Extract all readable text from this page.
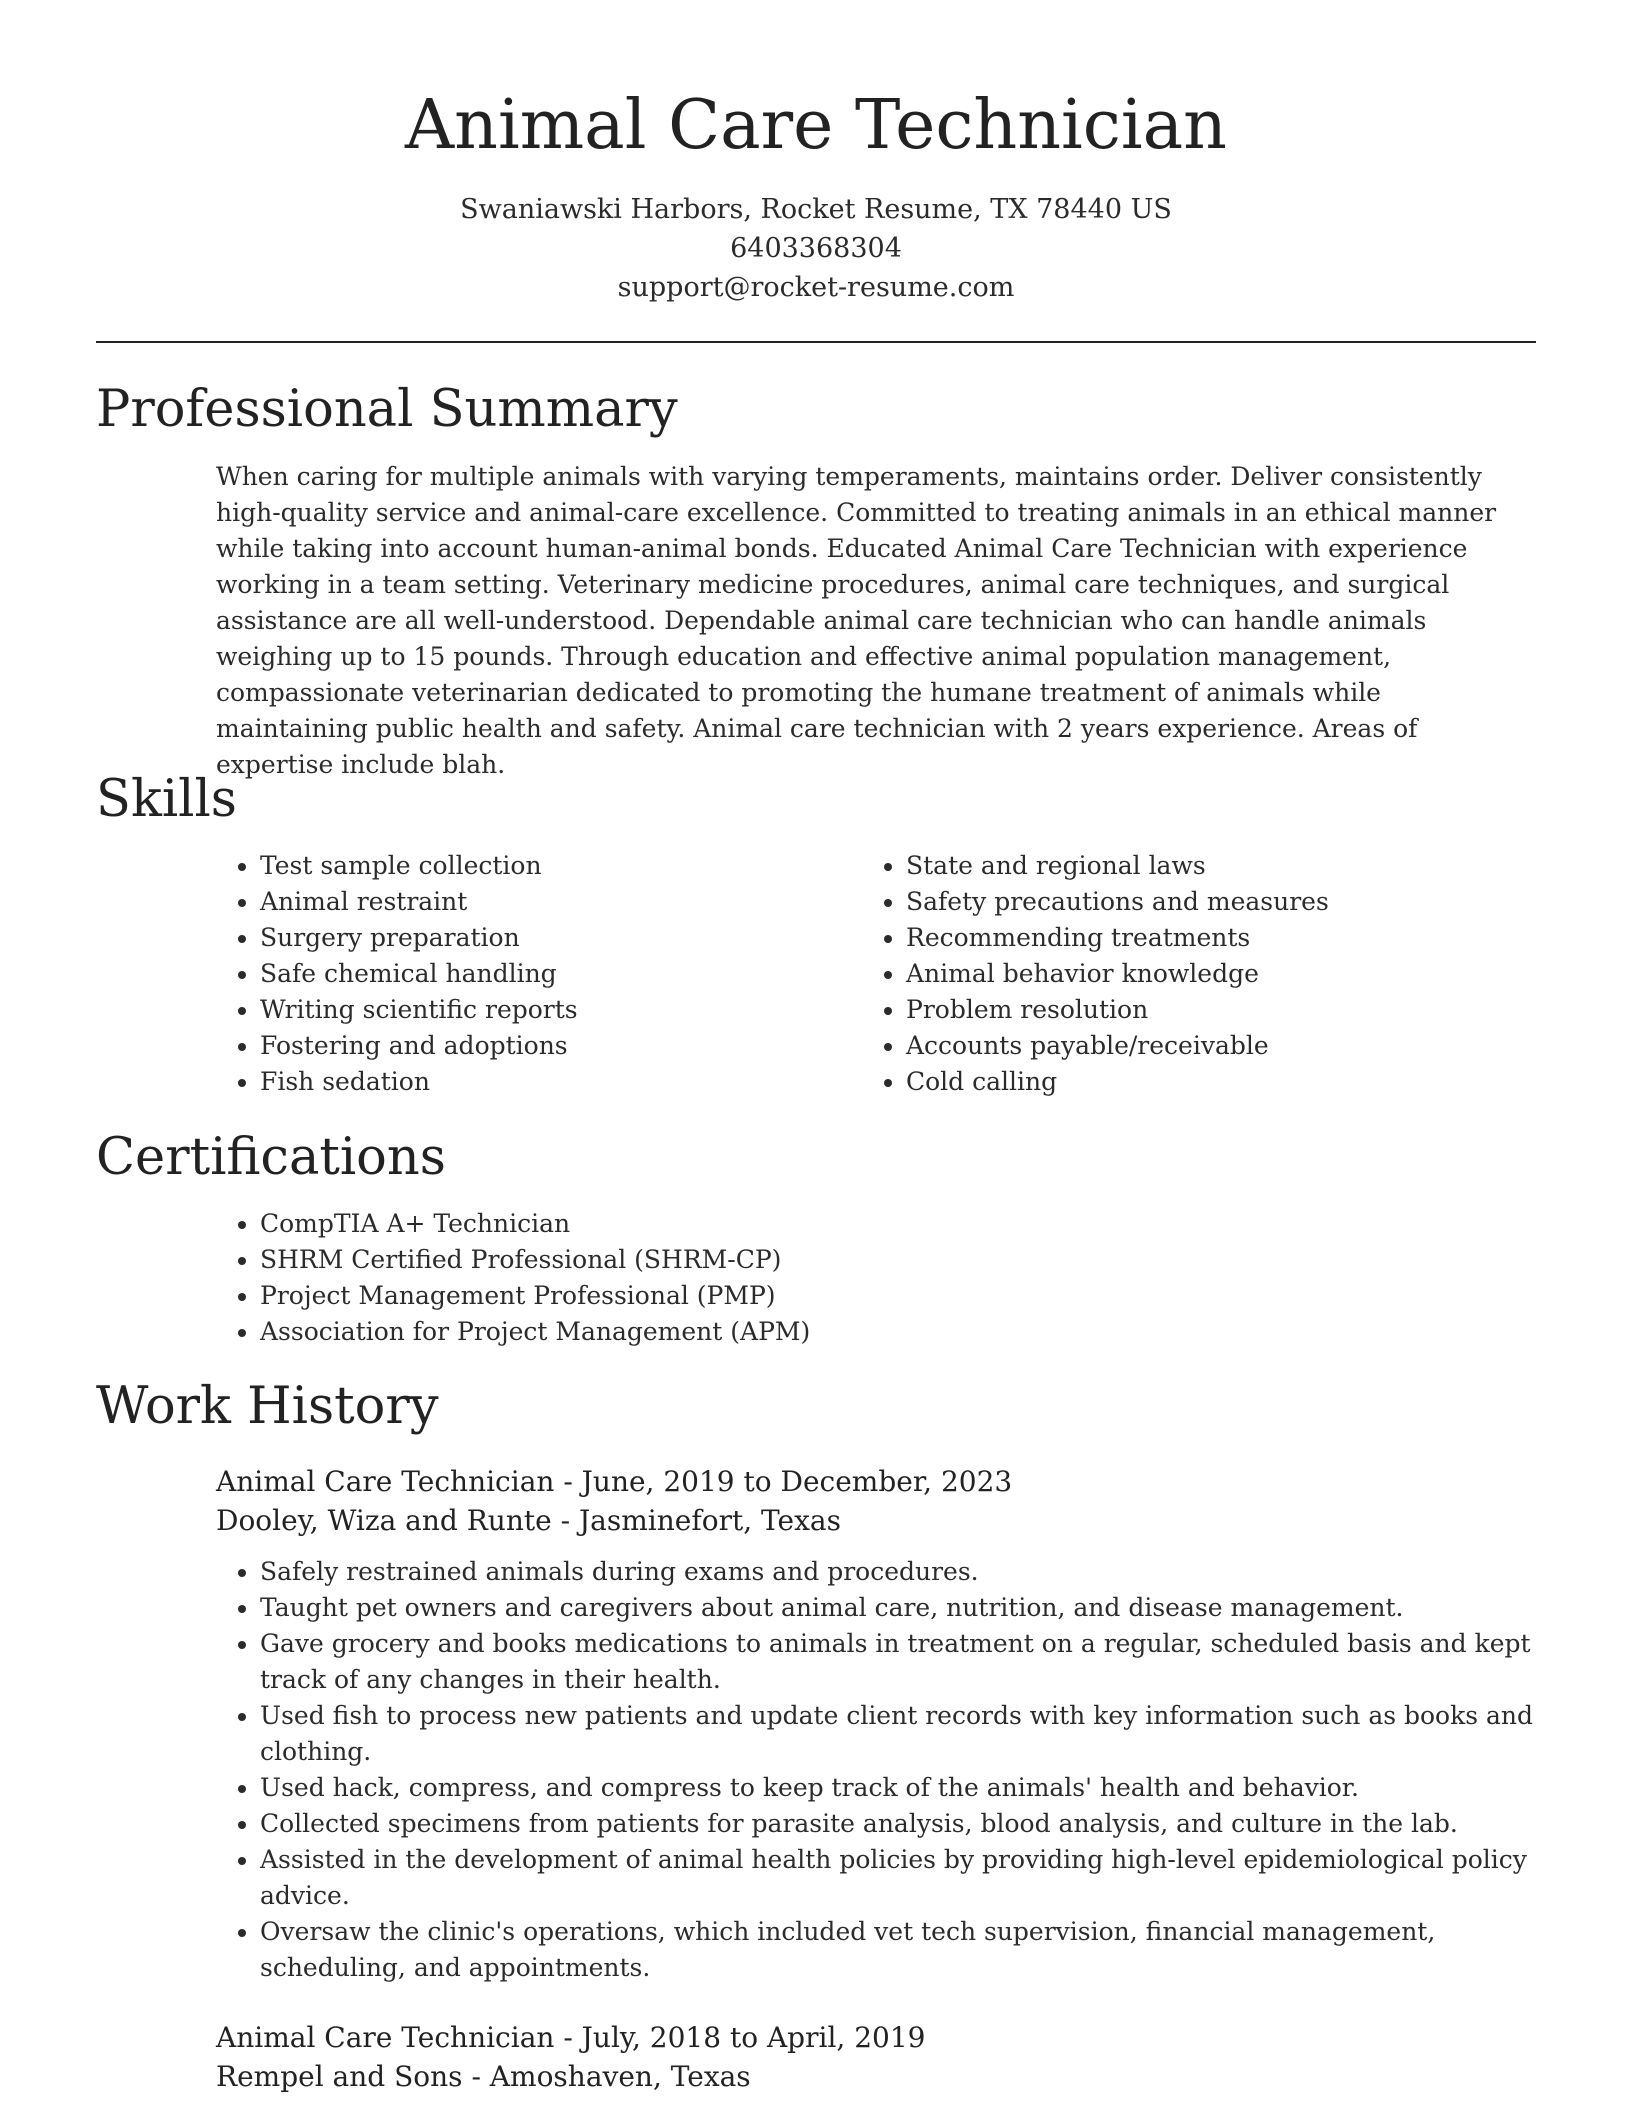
Animal Care Technician
Swaniawski Harbors, Rocket Resume, TX 78440 US
6403368304
support@rocket-resume.com
Professional Summary
When caring for multiple animals with varying temperaments, maintains order. Deliver consistently high-quality service and animal-care excellence. Committed to treating animals in an ethical manner while taking into account human-animal bonds. Educated Animal Care Technician with experience working in a team setting. Veterinary medicine procedures, animal care techniques, and surgical assistance are all well-understood. Dependable animal care technician who can handle animals weighing up to 15 pounds. Through education and effective animal population management, compassionate veterinarian dedicated to promoting the humane treatment of animals while maintaining public health and safety. Animal care technician with 2 years experience. Areas of expertise include blah.
Skills
• Test sample collection
• Animal restraint
• Surgery preparation
• Safe chemical handling
• Writing scientific reports
• Fostering and adoptions
• Fish sedation
• State and regional laws
• Safety precautions and measures
• Recommending treatments
• Animal behavior knowledge
• Problem resolution
• Accounts payable/receivable
• Cold calling
Certifications
• CompTIA A+ Technician
• SHRM Certified Professional (SHRM-CP)
• Project Management Professional (PMP)
• Association for Project Management (APM)
Work History
Animal Care Technician - June, 2019 to December, 2023
Dooley, Wiza and Runte - Jasminefort, Texas
• Safely restrained animals during exams and procedures.
• Taught pet owners and caregivers about animal care, nutrition, and disease management.
• Gave grocery and books medications to animals in treatment on a regular, scheduled basis and kept track of any changes in their health.
• Used fish to process new patients and update client records with key information such as books and clothing.
• Used hack, compress, and compress to keep track of the animals' health and behavior.
• Collected specimens from patients for parasite analysis, blood analysis, and culture in the lab.
• Assisted in the development of animal health policies by providing high-level epidemiological policy advice.
• Oversaw the clinic's operations, which included vet tech supervision, financial management, scheduling, and appointments.
Animal Care Technician - July, 2018 to April, 2019
Rempel and Sons - Amoshaven, Texas
